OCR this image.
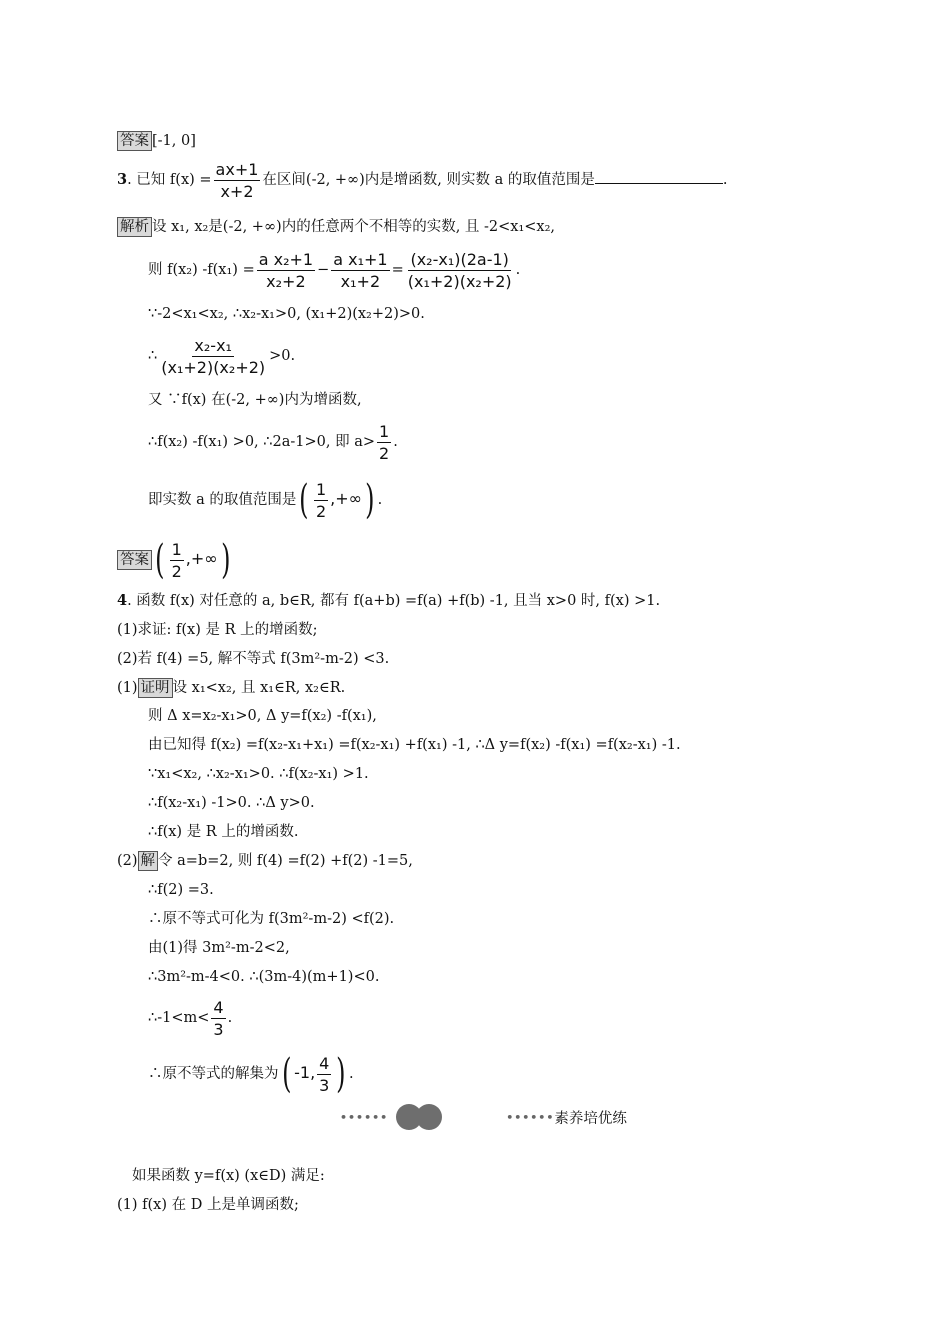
答案 [-1, 0]
3. 已知 $f(x) = \frac{ax+1}{x+2}$ 在区间(-2, +∞)内是增函数, 则实数 a 的取值范围是	.
解析 设 x₁, x₂是(-2, +∞)内的任意两个不相等的实数, 且 -2<x₁<x₂,
则 f(x₂) $-f(x_1) = \frac{\text{a x₂+1}}{\text{x₂+2}} - \frac{\text{a x₁+1}}{\text{x₁+2}} = \frac{\text{(x₂-x₁)(2a-1)}}{\text{(x₁+2)(x₂+2)}}$ .
∵-2<x₁<x₂, ∴x₂-x₁>0, (x₁+2)(x₂+2)>0.
∴ $\frac{\text{x₂-x₁}}{\text{(x₁+2)(x₂+2)}} >0$.
又 ∵f(x) 在(-2, +∞)内为增函数,
∴f(x₂) -f(x₁) >0, ∴2a-1>0, 即 $a> \frac{1}{2}$ .
即实数 a 的取值范围是( $\frac{1}{2}$ ,+∞) .
答案 ( $\frac{1}{2}$ ,+∞)
4. 函数 f(x) 对任意的 a, b∈R, 都有 f(a+b) =f(a) +f(b) -1, 且当 x>0 时, f(x) >1.
(1)求证: f(x) 是 R 上的增函数;
(2)若 f(4) =5, 解不等式 f(3m²-m-2) <3.
(1) 证明 设 x₁<x₂, 且 x₁∈R, x₂∈R.
则 Δ x=x₂-x₁>0, Δ y=f(x₂) -f(x₁),
由已知得 f(x₂) =f(x₂-x₁+x₁) =f(x₂-x₁) +f(x₁) -1, ∴Δ y=f(x₂) -f(x₁) =f(x₂-x₁) -1.
∵x₁<x₂, ∴x₂-x₁>0. ∴f(x₂-x₁) >1.
∴f(x₂-x₁) -1>0. ∴Δ y>0.
∴f(x) 是 R 上的增函数.
(2) 解 令 a=b=2, 则 f(4) =f(2) +f(2) -1=5,
∴f(2) =3.
∴原不等式可化为 f(3m²-m-2) <f(2).
由(1)得 3m²-m-2<2,
∴3m²-m-4<0. ∴(3m-4)(m+1)<0.
∴-1<m< $\frac{4}{3}$ .
∴原不等式的解集为( -1, $\frac{4}{3}$ ) .
••••••	•••••• 素养培优练
如果函数 y=f(x) (x∈D) 满足:
(1) f(x) 在 D 上是单调函数;
